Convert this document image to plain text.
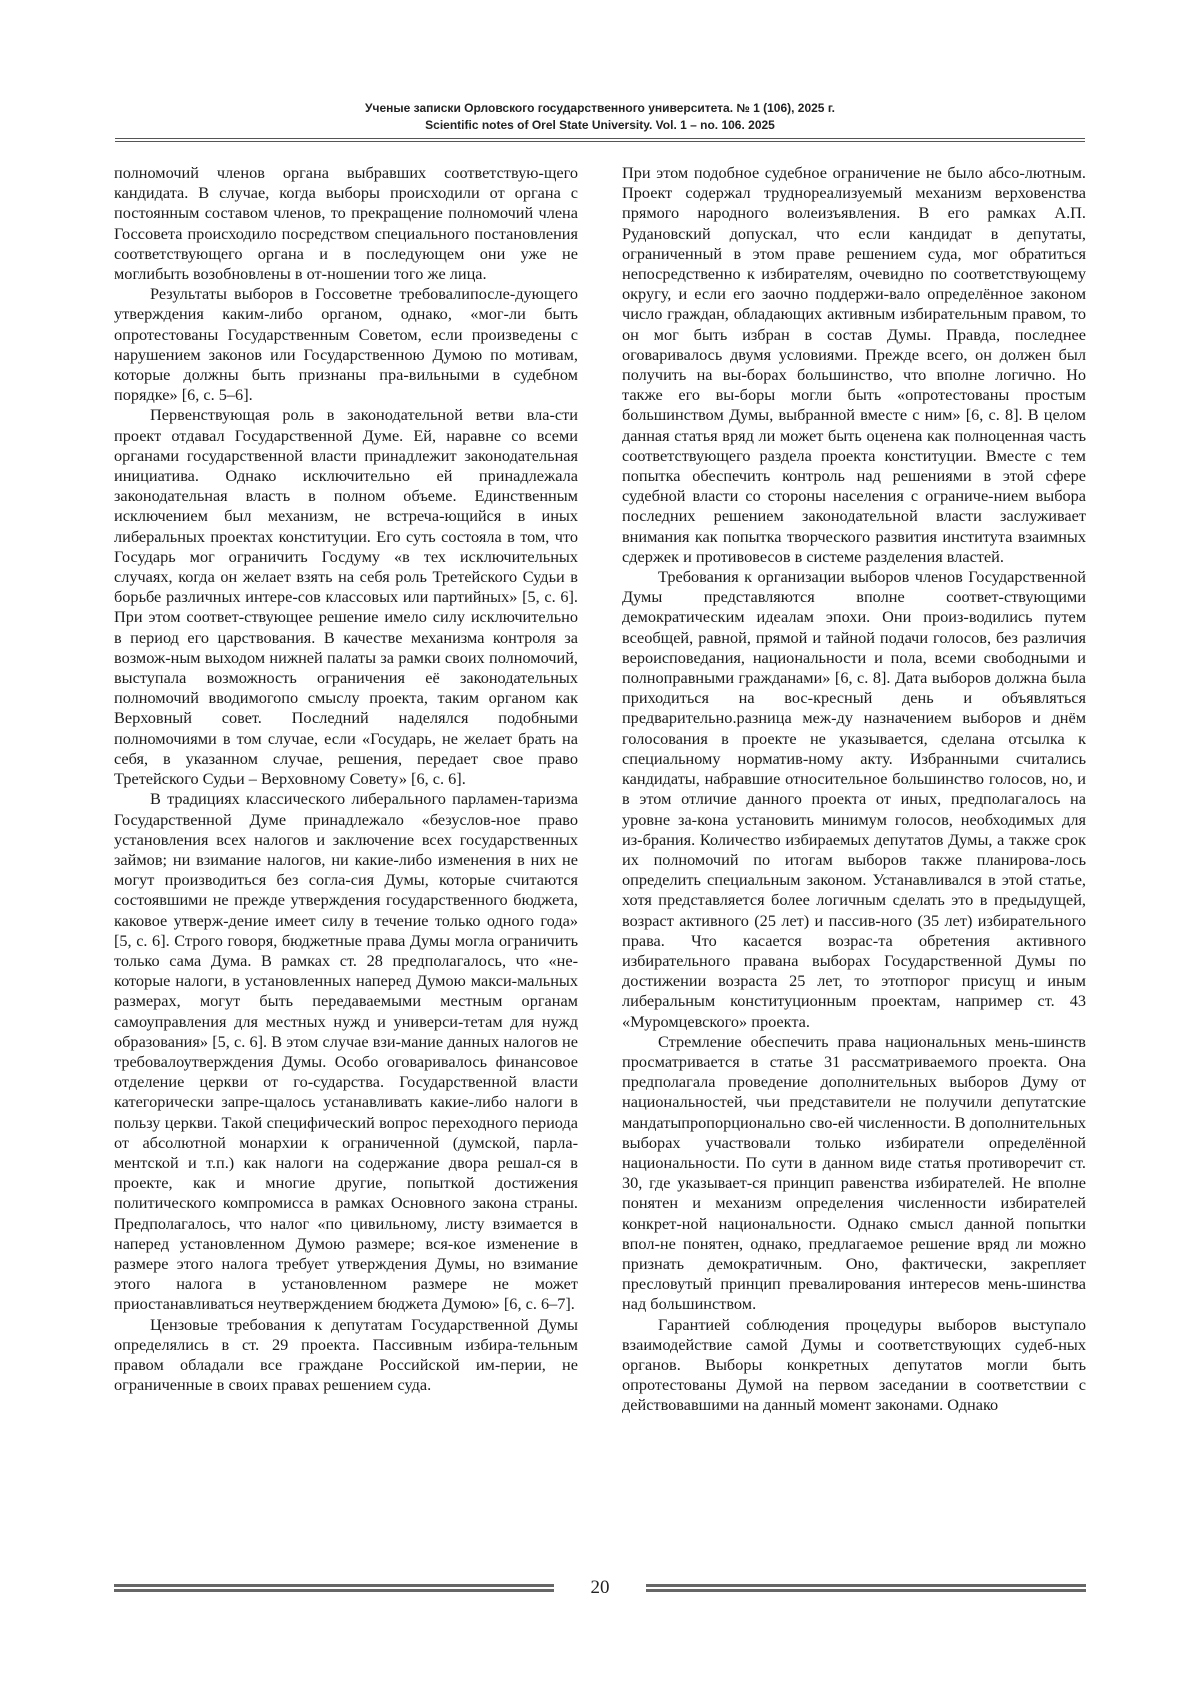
Ученые записки Орловского государственного университета. № 1 (106), 2025 г.
Scientific notes of Orel State University. Vol. 1 – no. 106. 2025

полномочий членов органа выбравших соответствую-щего кандидата. В случае, когда выборы происходили от органа с постоянным составом членов, то прекращение полномочий члена Госсовета происходило посредством специального постановления соответствующего органа и в последующем они уже не моглибыть возобновлены в от-ношении того же лица.

Результаты выборов в Госсоветне требовалипосле-дующего утверждения каким-либо органом, однако, «мог-ли быть опротестованы Государственным Советом, если произведены с нарушением законов или Государственною Думою по мотивам, которые должны быть признаны пра-вильными в судебном порядке» [6, с. 5–6].

Первенствующая роль в законодательной ветви вла-сти проект отдавал Государственной Думе. Ей, наравне со всеми органами государственной власти принадлежит законодательная инициатива. Однако исключительно ей принадлежала законодательная власть в полном объеме. Единственным исключением был механизм, не встреча-ющийся в иных либеральных проектах конституции. Его суть состояла в том, что Государь мог ограничить Госдуму «в тех исключительных случаях, когда он желает взять на себя роль Третейского Судьи в борьбе различных интере-сов классовых или партийных» [5, с. 6]. При этом соответ-ствующее решение имело силу исключительно в период его царствования. В качестве механизма контроля за возмож-ным выходом нижней палаты за рамки своих полномочий, выступала возможность ограничения её законодательных полномочий вводимогопо смыслу проекта, таким органом как Верховный совет. Последний наделялся подобными полномочиями в том случае, если «Государь, не желает брать на себя, в указанном случае, решения, передает свое право Третейского Судьи – Верховному Совету» [6, с. 6].

В традициях классического либерального парламен-таризма Государственной Думе принадлежало «безуслов-ное право установления всех налогов и заключение всех государственных займов; ни взимание налогов, ни какие-либо изменения в них не могут производиться без согла-сия Думы, которые считаются состоявшими не прежде утверждения государственного бюджета, каковое утверж-дение имеет силу в течение только одного года» [5, с. 6]. Строго говоря, бюджетные права Думы могла ограничить только сама Дума. В рамках ст. 28 предполагалось, что «не-которые налоги, в установленных наперед Думою макси-мальных размерах, могут быть передаваемыми местным органам самоуправления для местных нужд и универси-тетам для нужд образования» [5, с. 6]. В этом случае взи-мание данных налогов не требовалоутверждения Думы. Особо оговаривалось финансовое отделение церкви от го-сударства. Государственной власти категорически запре-щалось устанавливать какие-либо налоги в пользу церкви. Такой специфический вопрос переходного периода от абсолютной монархии к ограниченной (думской, парла-ментской и т.п.) как налоги на содержание двора решал-ся в проекте, как и многие другие, попыткой достижения политического компромисса в рамках Основного закона страны. Предполагалось, что налог «по цивильному, листу взимается в наперед установленном Думою размере; вся-кое изменение в размере этого налога требует утверждения Думы, но взимание этого налога в установленном размере не может приостанавливаться неутверждением бюджета Думою» [6, с. 6–7].

Цензовые требования к депутатам Государственной Думы определялись в ст. 29 проекта. Пассивным избира-тельным правом обладали все граждане Российской им-перии, не ограниченные в своих правах решением суда.

При этом подобное судебное ограничение не было абсо-лютным. Проект содержал труднореализуемый механизм верховенства прямого народного волеизъявления. В его рамках А.П. Рудановский допускал, что если кандидат в депутаты, ограниченный в этом праве решением суда, мог обратиться непосредственно к избирателям, очевидно по соответствующему округу, и если его заочно поддержи-вало определённое законом число граждан, обладающих активным избирательным правом, то он мог быть избран в состав Думы. Правда, последнее оговаривалось двумя условиями. Прежде всего, он должен был получить на вы-борах большинство, что вполне логично. Но также его вы-боры могли быть «опротестованы простым большинством Думы, выбранной вместе с ним» [6, с. 8]. В целом данная статья вряд ли может быть оценена как полноценная часть соответствующего раздела проекта конституции. Вместе с тем попытка обеспечить контроль над решениями в этой сфере судебной власти со стороны населения с ограниче-нием выбора последних решением законодательной власти заслуживает внимания как попытка творческого развития института взаимных сдержек и противовесов в системе разделения властей.

Требования к организации выборов членов Государственной Думы представляются вполне соответ-ствующими демократическим идеалам эпохи. Они произ-водились путем всеобщей, равной, прямой и тайной подачи голосов, без различия вероисповедания, национальности и пола, всеми свободными и полноправными гражданами» [6, с. 8]. Дата выборов должна была приходиться на вос-кресный день и объявляться предварительно.разница меж-ду назначением выборов и днём голосования в проекте не указывается, сделана отсылка к специальному норматив-ному акту. Избранными считались кандидаты, набравшие относительное большинство голосов, но, и в этом отличие данного проекта от иных, предполагалось на уровне за-кона установить минимум голосов, необходимых для из-брания. Количество избираемых депутатов Думы, а также срок их полномочий по итогам выборов также планирова-лось определить специальным законом. Устанавливался в этой статье, хотя представляется более логичным сделать это в предыдущей, возраст активного (25 лет) и пассив-ного (35 лет) избирательного права. Что касается возрас-та обретения активного избирательного правана выборах Государственной Думы по достижении возраста 25 лет, то этотпорог присущ и иным либеральным конституционным проектам, например ст. 43 «Муромцевского» проекта.

Стремление обеспечить права национальных мень-шинств просматривается в статье 31 рассматриваемого проекта. Она предполагала проведение дополнительных выборов Думу от национальностей, чьи представители не получили депутатские мандатыпропорционально сво-ей численности. В дополнительных выборах участвовали только избиратели определённой национальности. По сути в данном виде статья противоречит ст. 30, где указывает-ся принцип равенства избирателей. Не вполне понятен и механизм определения численности избирателей конкрет-ной национальности. Однако смысл данной попытки впол-не понятен, однако, предлагаемое решение вряд ли можно признать демократичным. Оно, фактически, закрепляет пресловутый принцип превалирования интересов мень-шинства над большинством.

Гарантией соблюдения процедуры выборов выступало взаимодействие самой Думы и соответствующих судеб-ных органов. Выборы конкретных депутатов могли быть опротестованы Думой на первом заседании в соответствии с действовавшими на данный момент законами. Однако

20
